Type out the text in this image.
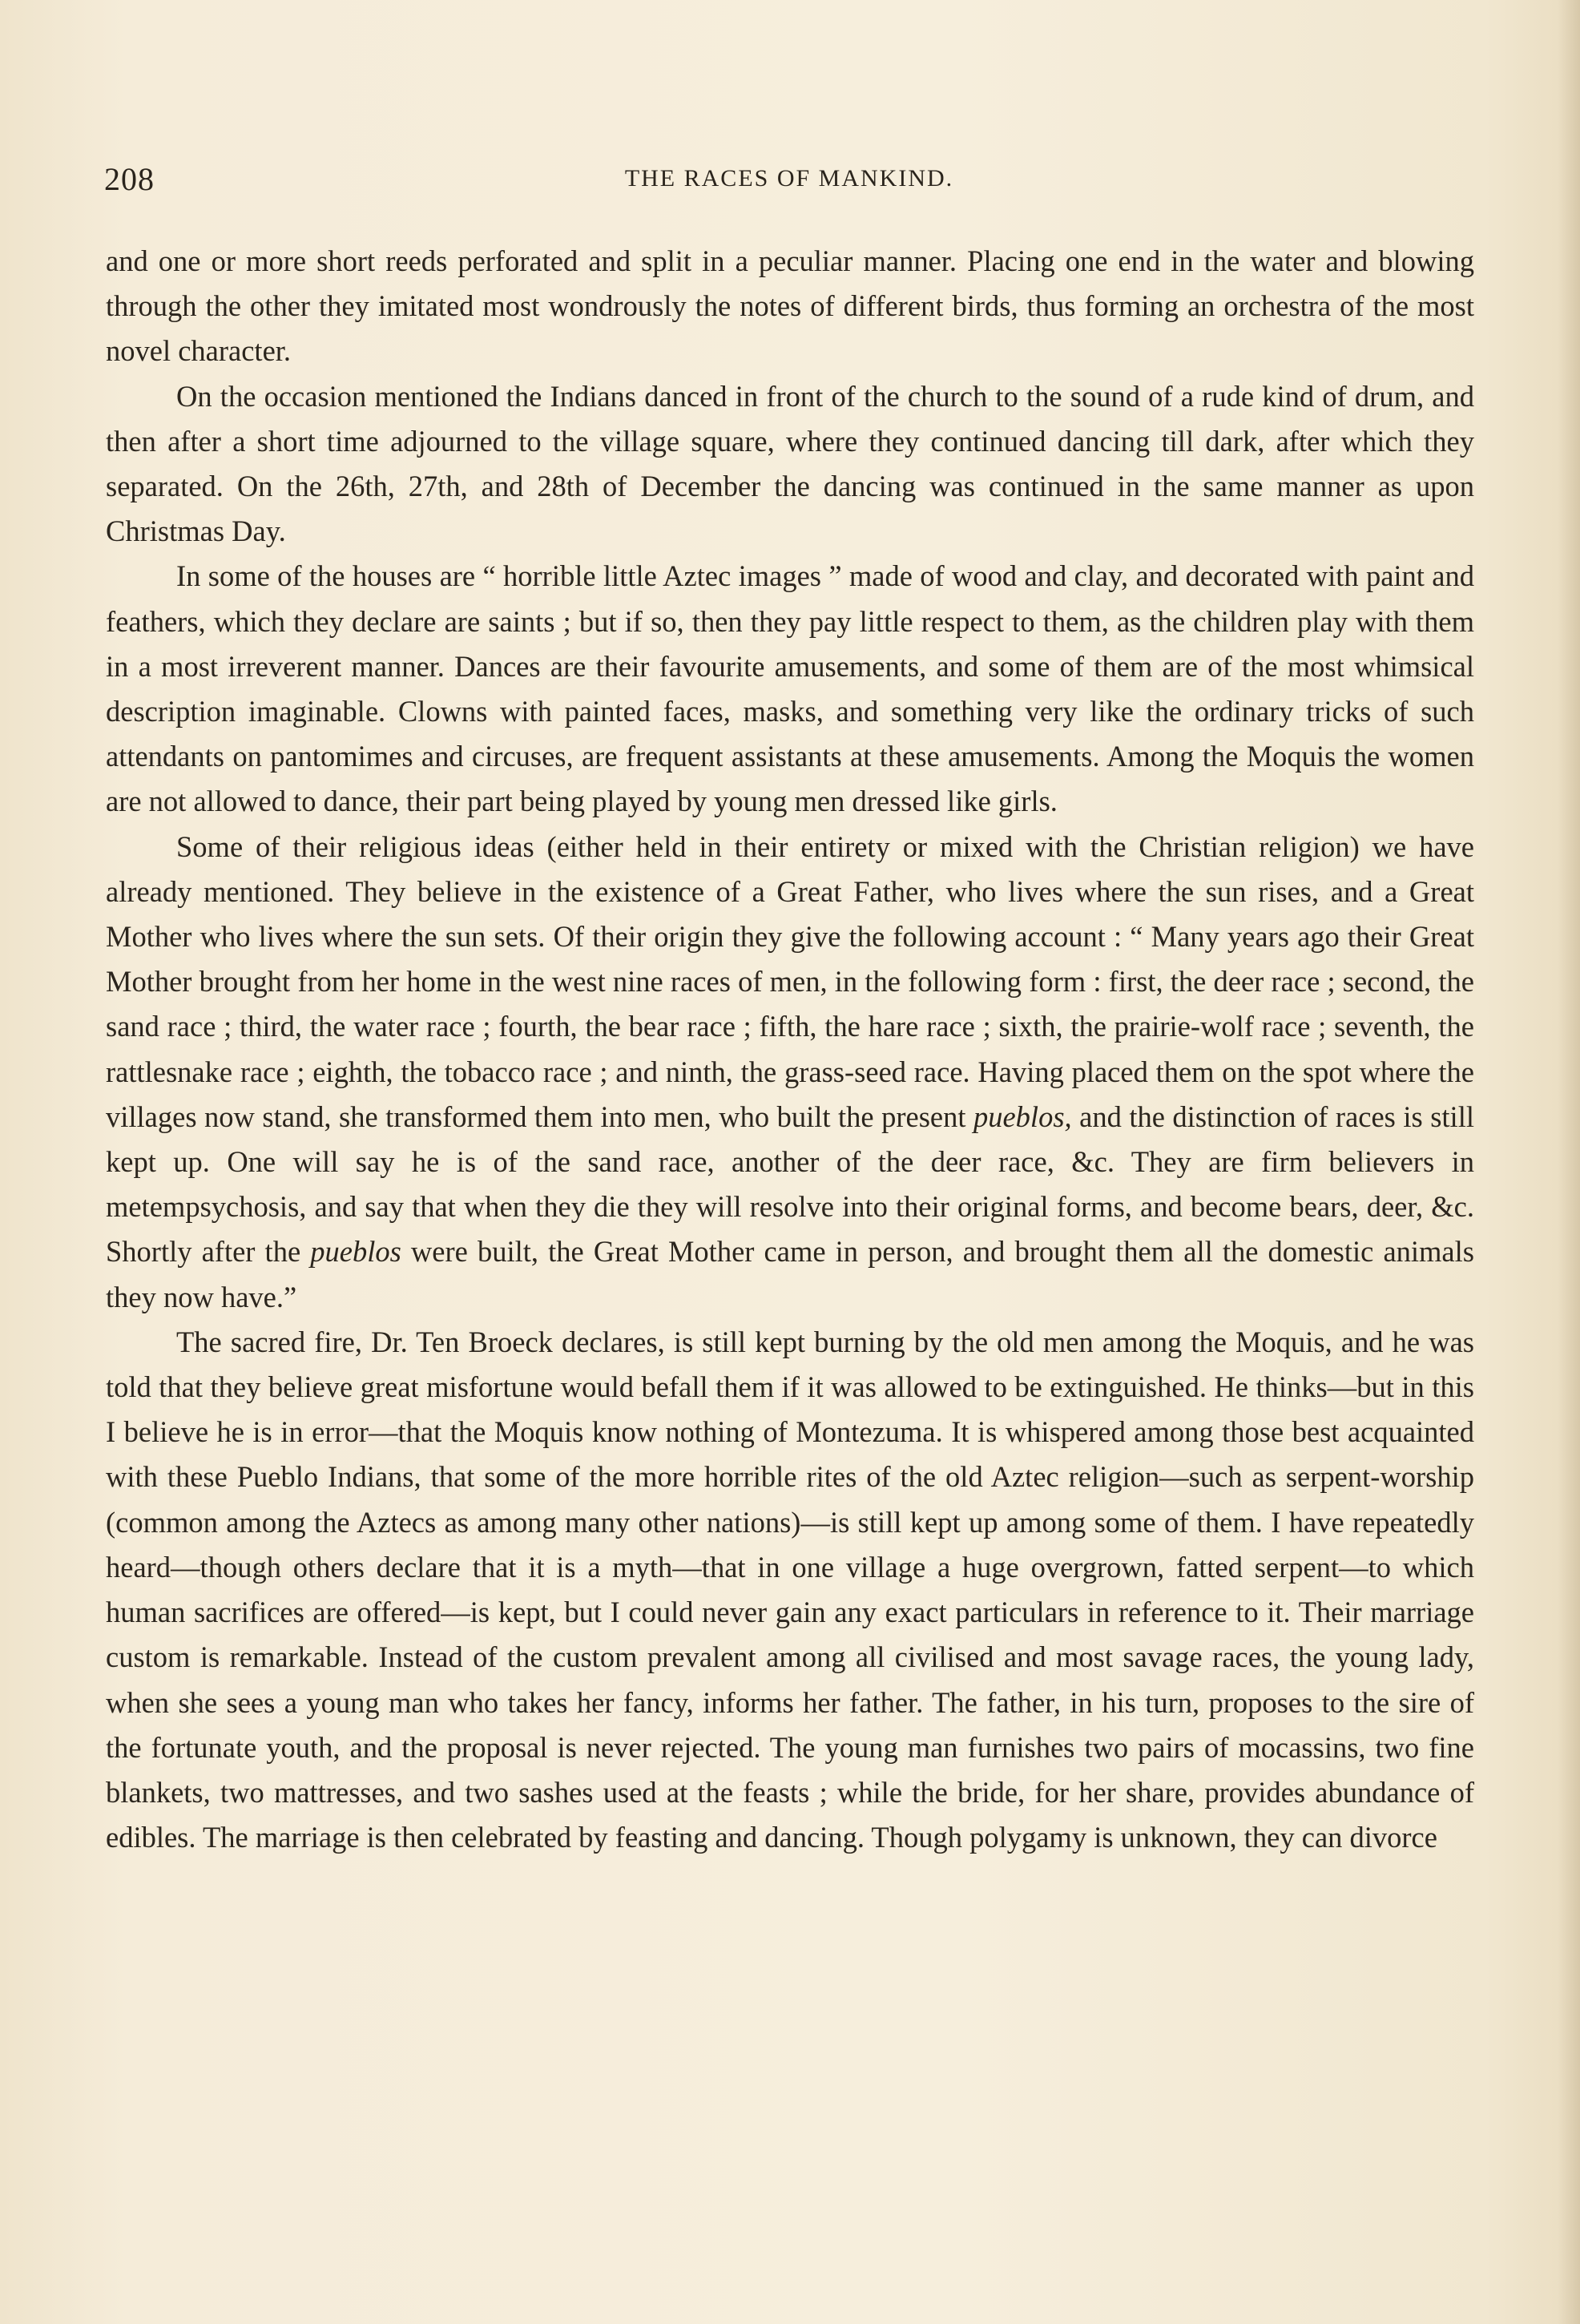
208	THE RACES OF MANKIND.

and one or more short reeds perforated and split in a peculiar manner. Placing one end in the water and blowing through the other they imitated most wondrously the notes of different birds, thus forming an orchestra of the most novel character.

On the occasion mentioned the Indians danced in front of the church to the sound of a rude kind of drum, and then after a short time adjourned to the village square, where they continued dancing till dark, after which they separated. On the 26th, 27th, and 28th of December the dancing was continued in the same manner as upon Christmas Day.

In some of the houses are “ horrible little Aztec images ” made of wood and clay, and decorated with paint and feathers, which they declare are saints ; but if so, then they pay little respect to them, as the children play with them in a most irreverent manner. Dances are their favourite amusements, and some of them are of the most whimsical description imaginable. Clowns with painted faces, masks, and something very like the ordinary tricks of such attendants on pantomimes and circuses, are frequent assistants at these amusements. Among the Moquis the women are not allowed to dance, their part being played by young men dressed like girls.

Some of their religious ideas (either held in their entirety or mixed with the Christian religion) we have already mentioned. They believe in the existence of a Great Father, who lives where the sun rises, and a Great Mother who lives where the sun sets. Of their origin they give the following account : “ Many years ago their Great Mother brought from her home in the west nine races of men, in the following form : first, the deer race ; second, the sand race ; third, the water race ; fourth, the bear race ; fifth, the hare race ; sixth, the prairie-wolf race ; seventh, the rattlesnake race ; eighth, the tobacco race ; and ninth, the grass-seed race. Having placed them on the spot where the villages now stand, she transformed them into men, who built the present pueblos, and the distinction of races is still kept up. One will say he is of the sand race, another of the deer race, &c. They are firm believers in metempsychosis, and say that when they die they will resolve into their original forms, and become bears, deer, &c. Shortly after the pueblos were built, the Great Mother came in person, and brought them all the domestic animals they now have.”

The sacred fire, Dr. Ten Broeck declares, is still kept burning by the old men among the Moquis, and he was told that they believe great misfortune would befall them if it was allowed to be extinguished. He thinks—but in this I believe he is in error—that the Moquis know nothing of Montezuma. It is whispered among those best acquainted with these Pueblo Indians, that some of the more horrible rites of the old Aztec religion—such as serpent-worship (common among the Aztecs as among many other nations)—is still kept up among some of them. I have repeatedly heard—though others declare that it is a myth—that in one village a huge overgrown, fatted serpent—to which human sacrifices are offered—is kept, but I could never gain any exact particulars in reference to it. Their marriage custom is remarkable. Instead of the custom prevalent among all civilised and most savage races, the young lady, when she sees a young man who takes her fancy, informs her father. The father, in his turn, proposes to the sire of the fortunate youth, and the proposal is never rejected. The young man furnishes two pairs of mocassins, two fine blankets, two mattresses, and two sashes used at the feasts ; while the bride, for her share, provides abundance of edibles. The marriage is then celebrated by feasting and dancing. Though polygamy is unknown, they can divorce
